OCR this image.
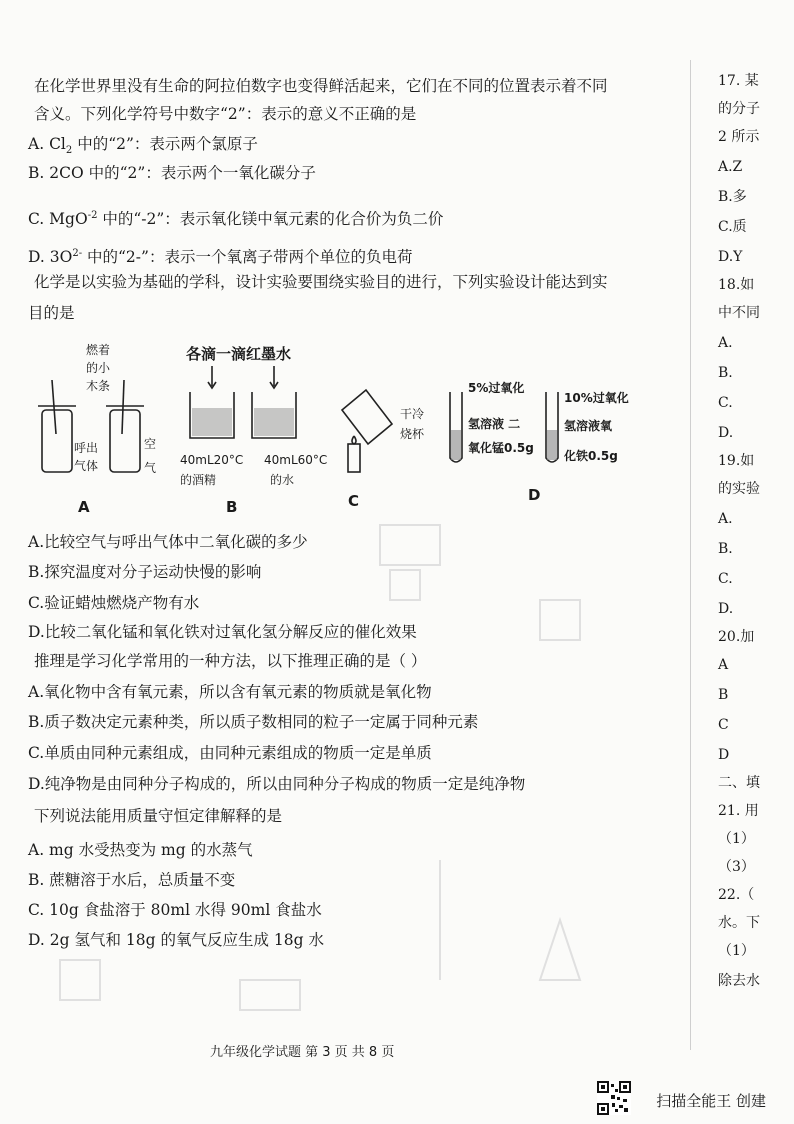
在化学世界里没有生命的阿拉伯数字也变得鲜活起来，它们在不同的位置表示着不同
含义。下列化学符号中数字“2”：表示的意义不正确的是
A. $Cl_2$ 中的“2”：表示两个氯原子
B. 2CO 中的“2”：表示两个一氧化碳分子
C. MgO$^{-2}$ 中的“-2”：表示氧化镁中氧元素的化合价为负二价
D. $3O^{2-}$ 中的“2-”：表示一个氧离子带两个单位的负电荷
化学是以实验为基础的学科，设计实验要围绕实验目的进行，下列实验设计能达到实
目的是
燃着
的小
木条
呼出
气体
空
气
A
各滴一滴红墨水
40mL20°C
的酒精
40mL60°C
的水
B
干冷
烧杯
C
5%过氧化
氢溶液 二
氧化锰0.5g
10%过氧化
氢溶液氧
化铁0.5g
D
A.比较空气与呼出气体中二氧化碳的多少
B.探究温度对分子运动快慢的影响
C.验证蜡烛燃烧产物有水
D.比较二氧化锰和氧化铁对过氧化氢分解反应的催化效果
推理是学习化学常用的一种方法，以下推理正确的是（ ）
A.氧化物中含有氧元素，所以含有氧元素的物质就是氧化物
B.质子数决定元素种类，所以质子数相同的粒子一定属于同种元素
C.单质由同种元素组成，由同种元素组成的物质一定是单质
D.纯净物是由同种分子构成的，所以由同种分子构成的物质一定是纯净物
下列说法能用质量守恒定律解释的是
A. mg 水受热变为 mg 的水蒸气
B. 蔗糖溶于水后，总质量不变
C. 10g 食盐溶于 80ml 水得 90ml 食盐水
D. 2g 氢气和 18g 的氧气反应生成 18g 水
17. 某
的分子
2 所示
A.Z
B.多
C.质
D.Y
18.如
中不同
A.
B.
C.
D.
19.如
的实验
A.
B.
C.
D.
20.加
A
B
C
D
二、填
21. 用
（1）
（3）
22.（
水。下
（1）
除去水
九年级化学试题 第 3 页 共 8 页
扫描全能王 创建
